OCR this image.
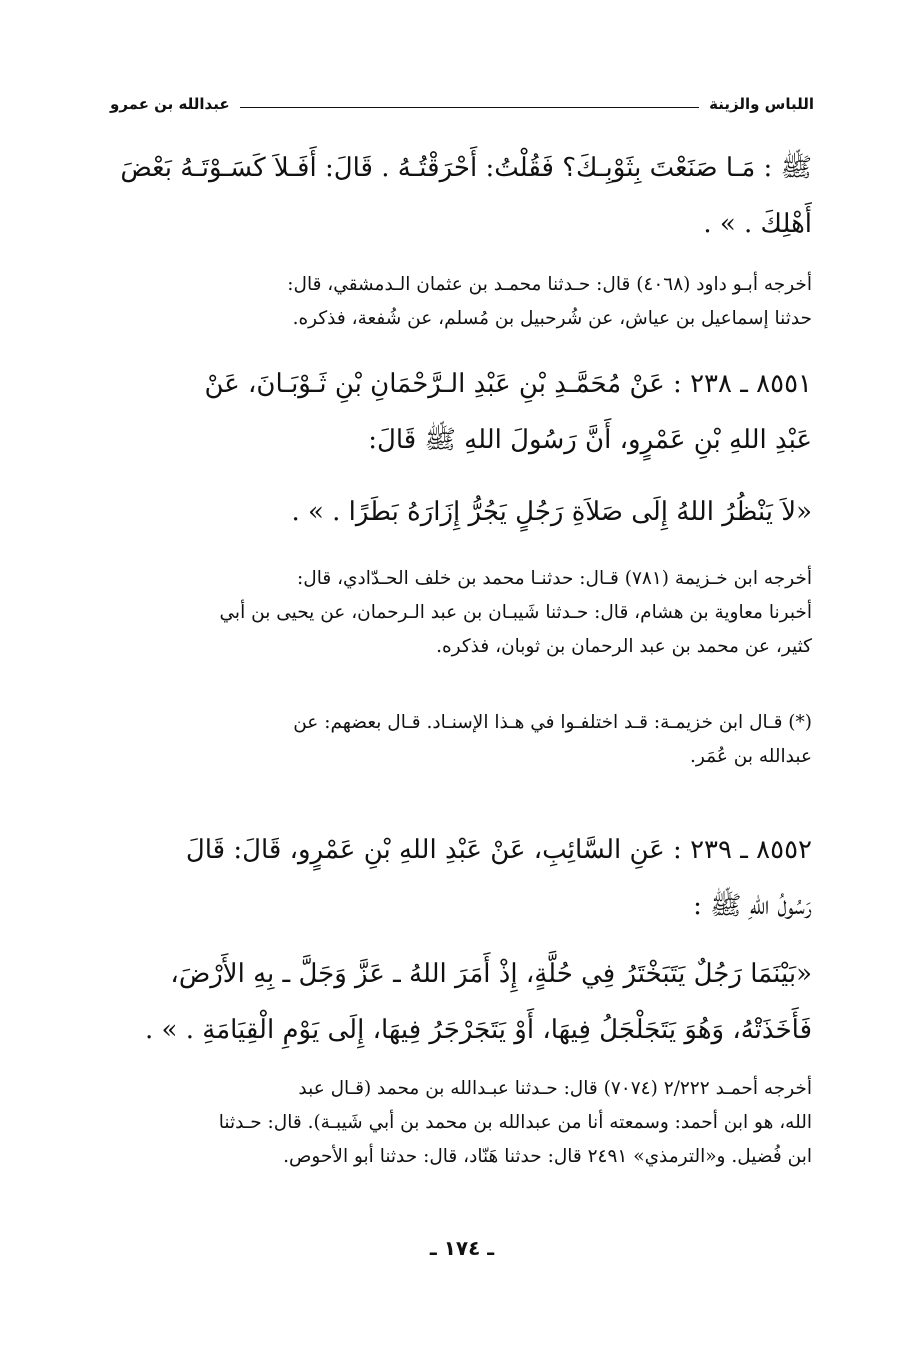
اللباس والزينة
عبدالله بن عمرو
ﷺ : مَـا صَنَعْتَ بِثَوْبِـكَ؟ فَقُلْتُ: أَحْرَقْتُـهُ . قَالَ: أَفَـلاَ كَسَـوْتَـهُ بَعْضَ
أَهْلِكَ . » .
أخرجه أبـو داود (٤٠٦٨) قال: حـدثنا محمـد بن عثمان الـدمشقي، قال:
حدثنا إسماعيل بن عياش، عن شُرحبيل بن مُسلم، عن شُفعة، فذكره.
٨٥٥١ ـ ٢٣٨ : عَنْ مُحَمَّـدِ بْنِ عَبْدِ الـرَّحْمَانِ بْنِ ثَـوْبَـانَ، عَنْ
عَبْدِ اللهِ بْنِ عَمْرٍو، أَنَّ رَسُولَ اللهِ ﷺ قَالَ:
«لاَ يَنْظُرُ اللهُ إِلَى صَلاَةِ رَجُلٍ يَجُرُّ إِزَارَهُ بَطَرًا . » .
أخرجه ابن خـزيمة (٧٨١) قـال: حدثنـا محمد بن خلف الحـدّادي، قال:
أخبرنا معاوية بن هشام، قال: حـدثنا شَيبـان بن عبد الـرحمان، عن يحيى بن أبي
كثير، عن محمد بن عبد الرحمان بن ثوبان، فذكره.
(*) قـال ابن خزيمـة: قـد اختلفـوا في هـذا الإسنـاد. قـال بعضهم: عن
عبدالله بن عُمَر.
٨٥٥٢ ـ ٢٣٩ : عَنِ السَّائِبِ، عَنْ عَبْدِ اللهِ بْنِ عَمْرٍو، قَالَ: قَالَ
رَسُولُ اللهِ ﷺ :
«بَيْنَمَا رَجُلٌ يَتَبَخْتَرُ فِي حُلَّةٍ، إِذْ أَمَرَ اللهُ ـ عَزَّ وَجَلَّ ـ بِهِ الأَرْضَ،
فَأَخَذَتْهُ، وَهُوَ يَتَجَلْجَلُ فِيهَا، أَوْ يَتَجَرْجَرُ فِيهَا، إِلَى يَوْمِ الْقِيَامَةِ . » .
أخرجه أحمـد ٢/٢٢٢ (٧٠٧٤) قال: حـدثنا عبـدالله بن محمد (قـال عبد
الله، هو ابن أحمد: وسمعته أنا من عبدالله بن محمد بن أبي شَيبـة). قال: حـدثنا
ابن فُضيل. و«الترمذي» ٢٤٩١ قال: حدثنا هَنّاد، قال: حدثنا أبو الأحوص.
ـ ١٧٤ ـ
